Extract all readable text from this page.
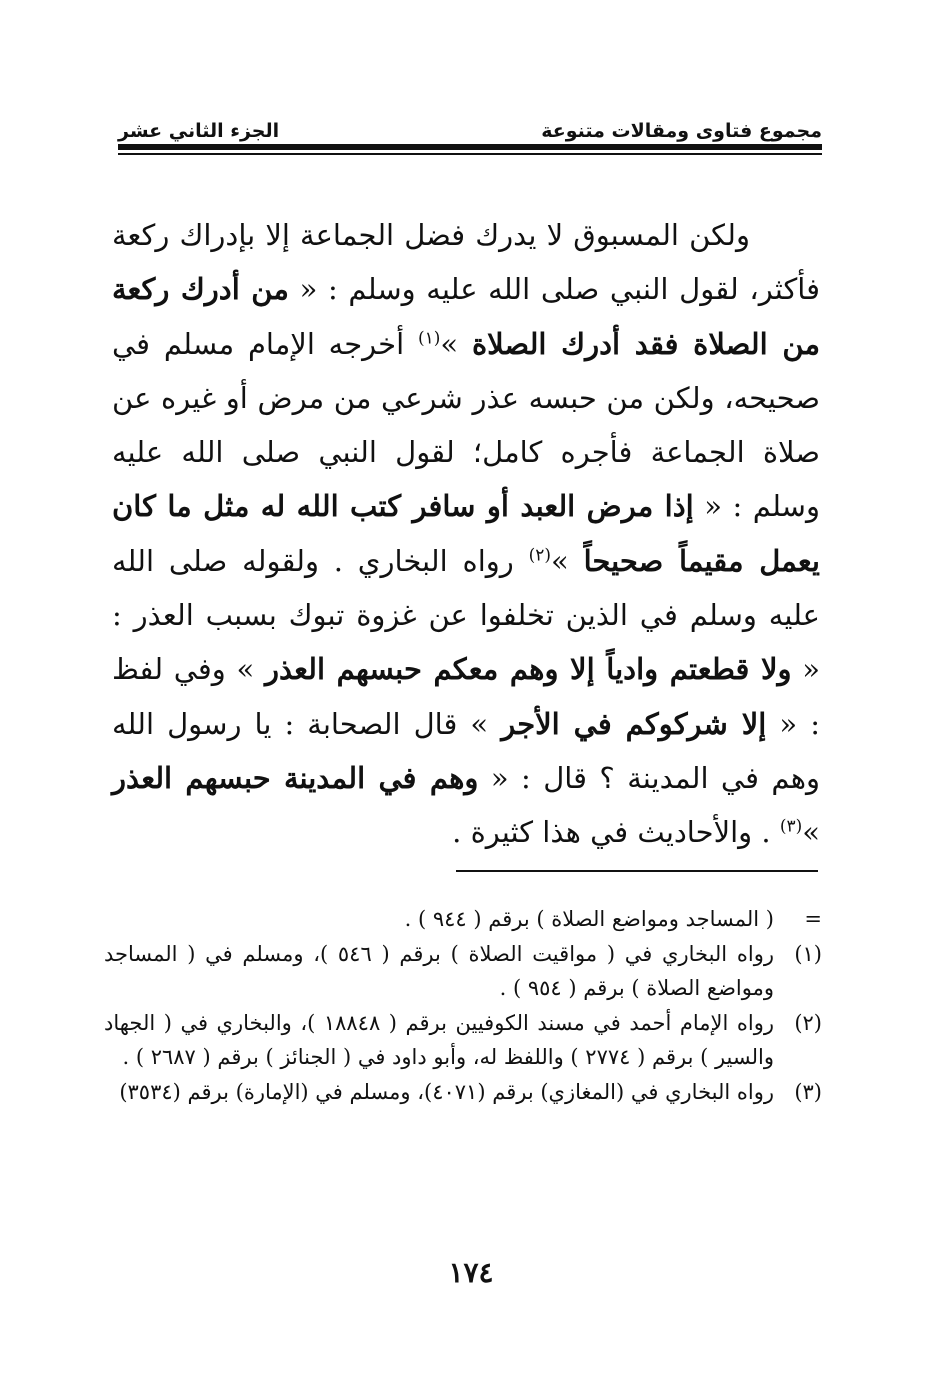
الجزء الثاني عشر	مجموع فتاوى ومقالات متنوعة

ولكن المسبوق لا يدرك فضل الجماعة إلا بإدراك ركعة فأكثر، لقول النبي صلى الله عليه وسلم : « من أدرك ركعة من الصلاة فقد أدرك الصلاة »$^{(١)}$ أخرجه الإمام مسلم في صحيحه، ولكن من حبسه عذر شرعي من مرض أو غيره عن صلاة الجماعة فأجره كامل؛ لقول النبي صلى الله عليه وسلم : « إذا مرض العبد أو سافر كتب الله له مثل ما كان يعمل مقيماً صحيحاً »$^{(٢)}$ رواه البخاري . ولقوله صلى الله عليه وسلم في الذين تخلفوا عن غزوة تبوك بسبب العذر : « ولا قطعتم وادياً إلا وهم معكم حبسهم العذر » وفي لفظ : « إلا شركوكم في الأجر » قال الصحابة : يا رسول الله وهم في المدينة ؟ قال : « وهم في المدينة حبسهم العذر »$^{(٣)}$ . والأحاديث في هذا كثيرة .

=
( المساجد ومواضع الصلاة ) برقم ( ٩٤٤ ) .
(١)
رواه البخاري في ( مواقيت الصلاة ) برقم ( ٥٤٦ )، ومسلم في ( المساجد ومواضع الصلاة ) برقم ( ٩٥٤ ) .
(٢)
رواه الإمام أحمد في مسند الكوفيين برقم ( ١٨٨٤٨ )، والبخاري في ( الجهاد والسير ) برقم ( ٢٧٧٤ ) واللفظ له، وأبو داود في ( الجنائز ) برقم ( ٢٦٨٧ ) .
(٣)
رواه البخاري في (المغازي) برقم (٤٠٧١)، ومسلم في (الإمارة) برقم (٣٥٣٤)
١٧٤
